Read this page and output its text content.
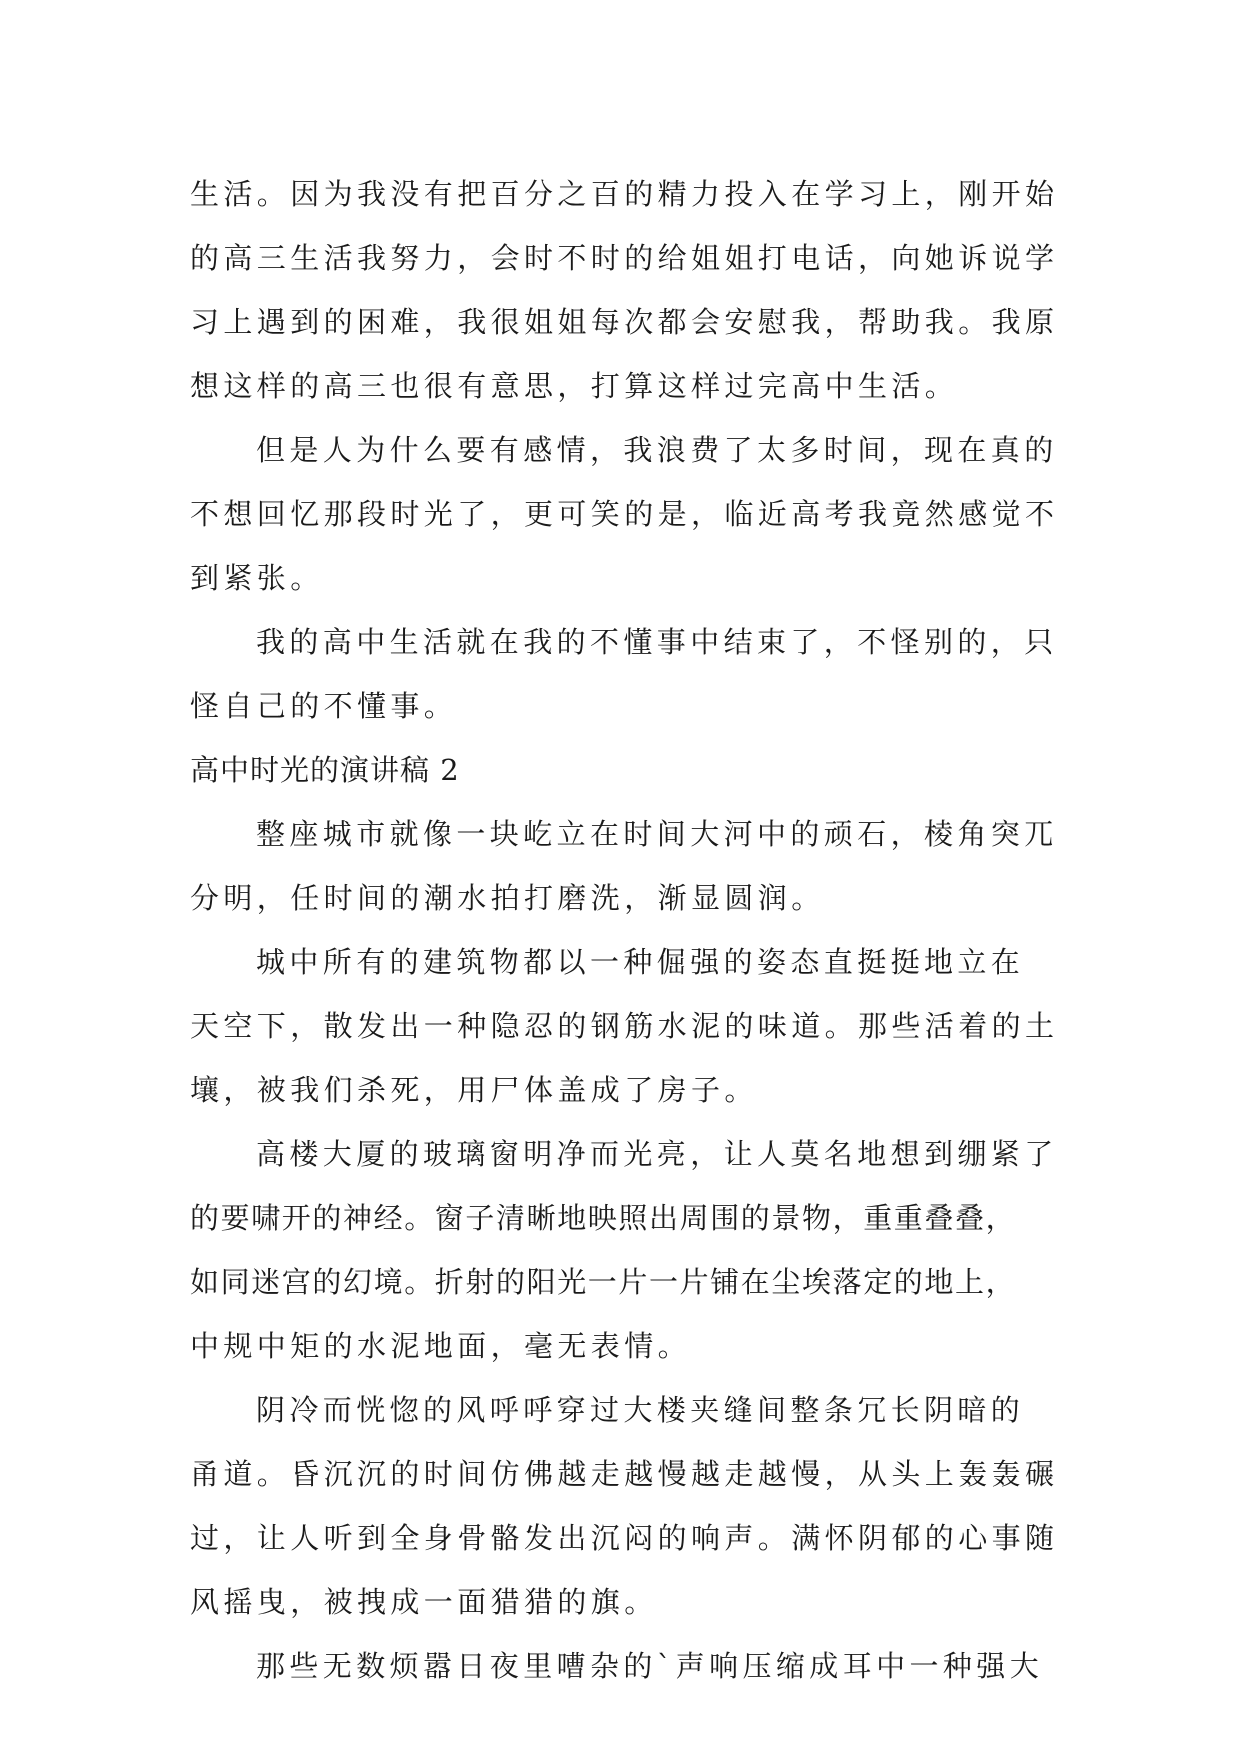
生活。因为我没有把百分之百的精力投入在学习上，刚开始
的高三生活我努力，会时不时的给姐姐打电话，向她诉说学
习上遇到的困难，我很姐姐每次都会安慰我，帮助我。我原
想这样的高三也很有意思，打算这样过完高中生活。
但是人为什么要有感情，我浪费了太多时间，现在真的
不想回忆那段时光了，更可笑的是，临近高考我竟然感觉不
到紧张。
我的高中生活就在我的不懂事中结束了，不怪别的，只
怪自己的不懂事。
高中时光的演讲稿 2
整座城市就像一块屹立在时间大河中的顽石，棱角突兀
分明，任时间的潮水拍打磨洗，渐显圆润。
城中所有的建筑物都以一种倔强的姿态直挺挺地立在
天空下，散发出一种隐忍的钢筋水泥的味道。那些活着的土
壤，被我们杀死，用尸体盖成了房子。
高楼大厦的玻璃窗明净而光亮，让人莫名地想到绷紧了
的要啸开的神经。窗子清晰地映照出周围的景物，重重叠叠，
如同迷宫的幻境。折射的阳光一片一片铺在尘埃落定的地上，
中规中矩的水泥地面，毫无表情。
阴冷而恍惚的风呼呼穿过大楼夹缝间整条冗长阴暗的
甬道。昏沉沉的时间仿佛越走越慢越走越慢，从头上轰轰碾
过，让人听到全身骨骼发出沉闷的响声。满怀阴郁的心事随
风摇曳，被拽成一面猎猎的旗。
那些无数烦嚣日夜里嘈杂的`声响压缩成耳中一种强大
